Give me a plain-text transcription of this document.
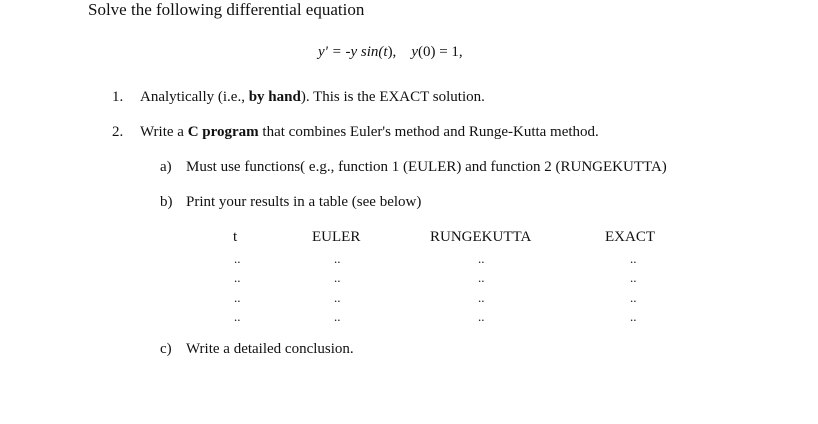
Solve the following differential equation
y' = -y sin(t), y(0) = 1,
1. Analytically (i.e., by hand). This is the EXACT solution.
2. Write a C program that combines Euler's method and Runge-Kutta method.
a) Must use functions( e.g., function 1 (EULER) and function 2 (RUNGEKUTTA)
b) Print your results in a table (see below)
t	EULER	RUNGEKUTTA	EXACT
..	..	..	..
..	..	..	..
..	..	..	..
..	..	..	..
c) Write a detailed conclusion.
